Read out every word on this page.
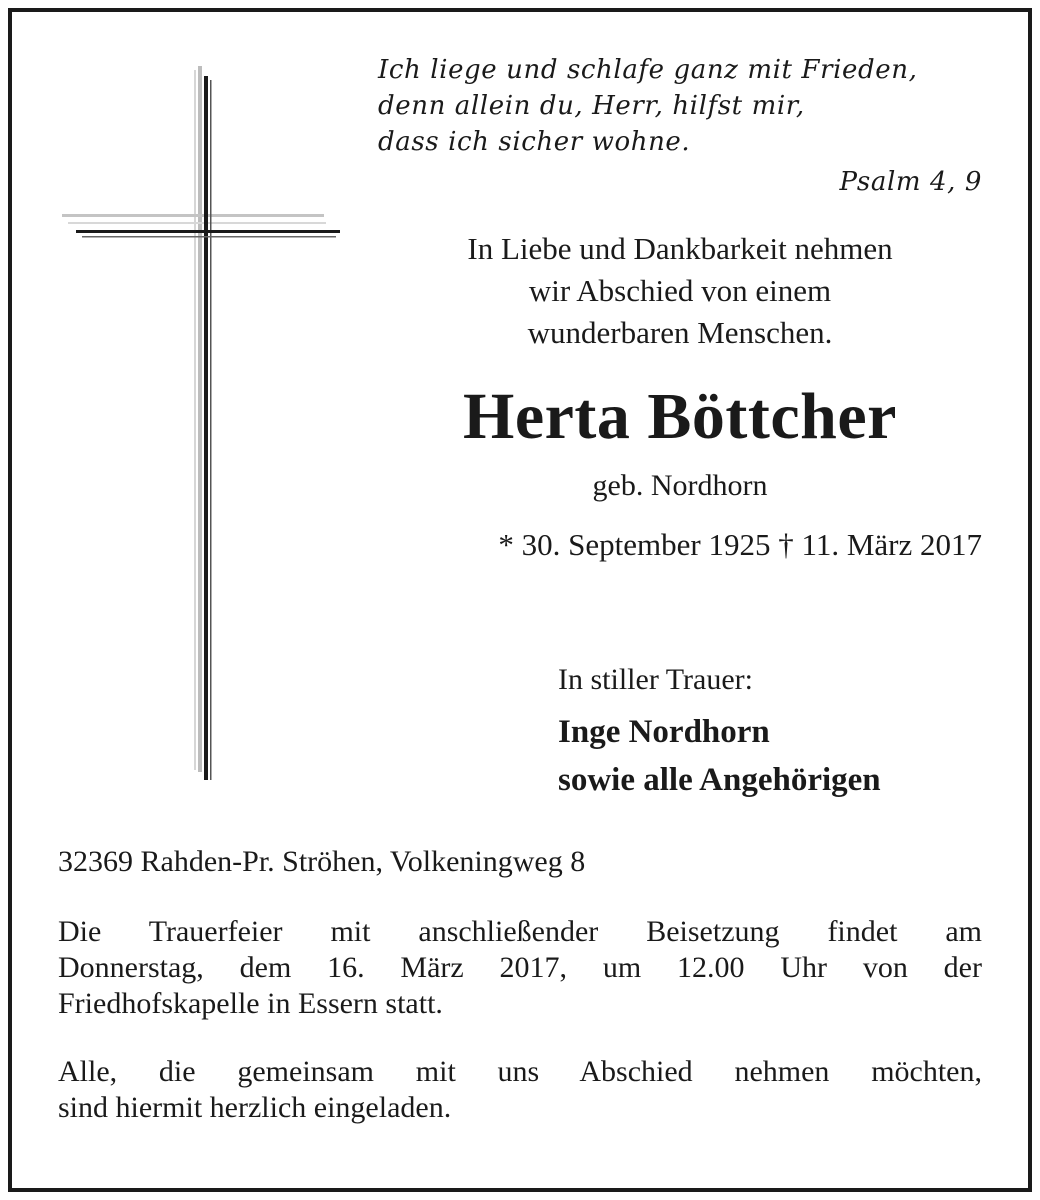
Ich liege und schlafe ganz mit Frieden,
denn allein du, Herr, hilfst mir,
dass ich sicher wohne.
Psalm 4, 9
In Liebe und Dankbarkeit nehmen
wir Abschied von einem
wunderbaren Menschen.
Herta Böttcher
geb. Nordhorn
* 30. September 1925 † 11. März 2017
In stiller Trauer:
Inge Nordhorn
sowie alle Angehörigen
32369 Rahden-Pr. Ströhen, Volkeningweg 8
Die Trauerfeier mit anschließender Beisetzung findet am
Donnerstag, dem 16. März 2017, um 12.00 Uhr von der
Friedhofskapelle in Essern statt.
Alle, die gemeinsam mit uns Abschied nehmen möchten,
sind hiermit herzlich eingeladen.
